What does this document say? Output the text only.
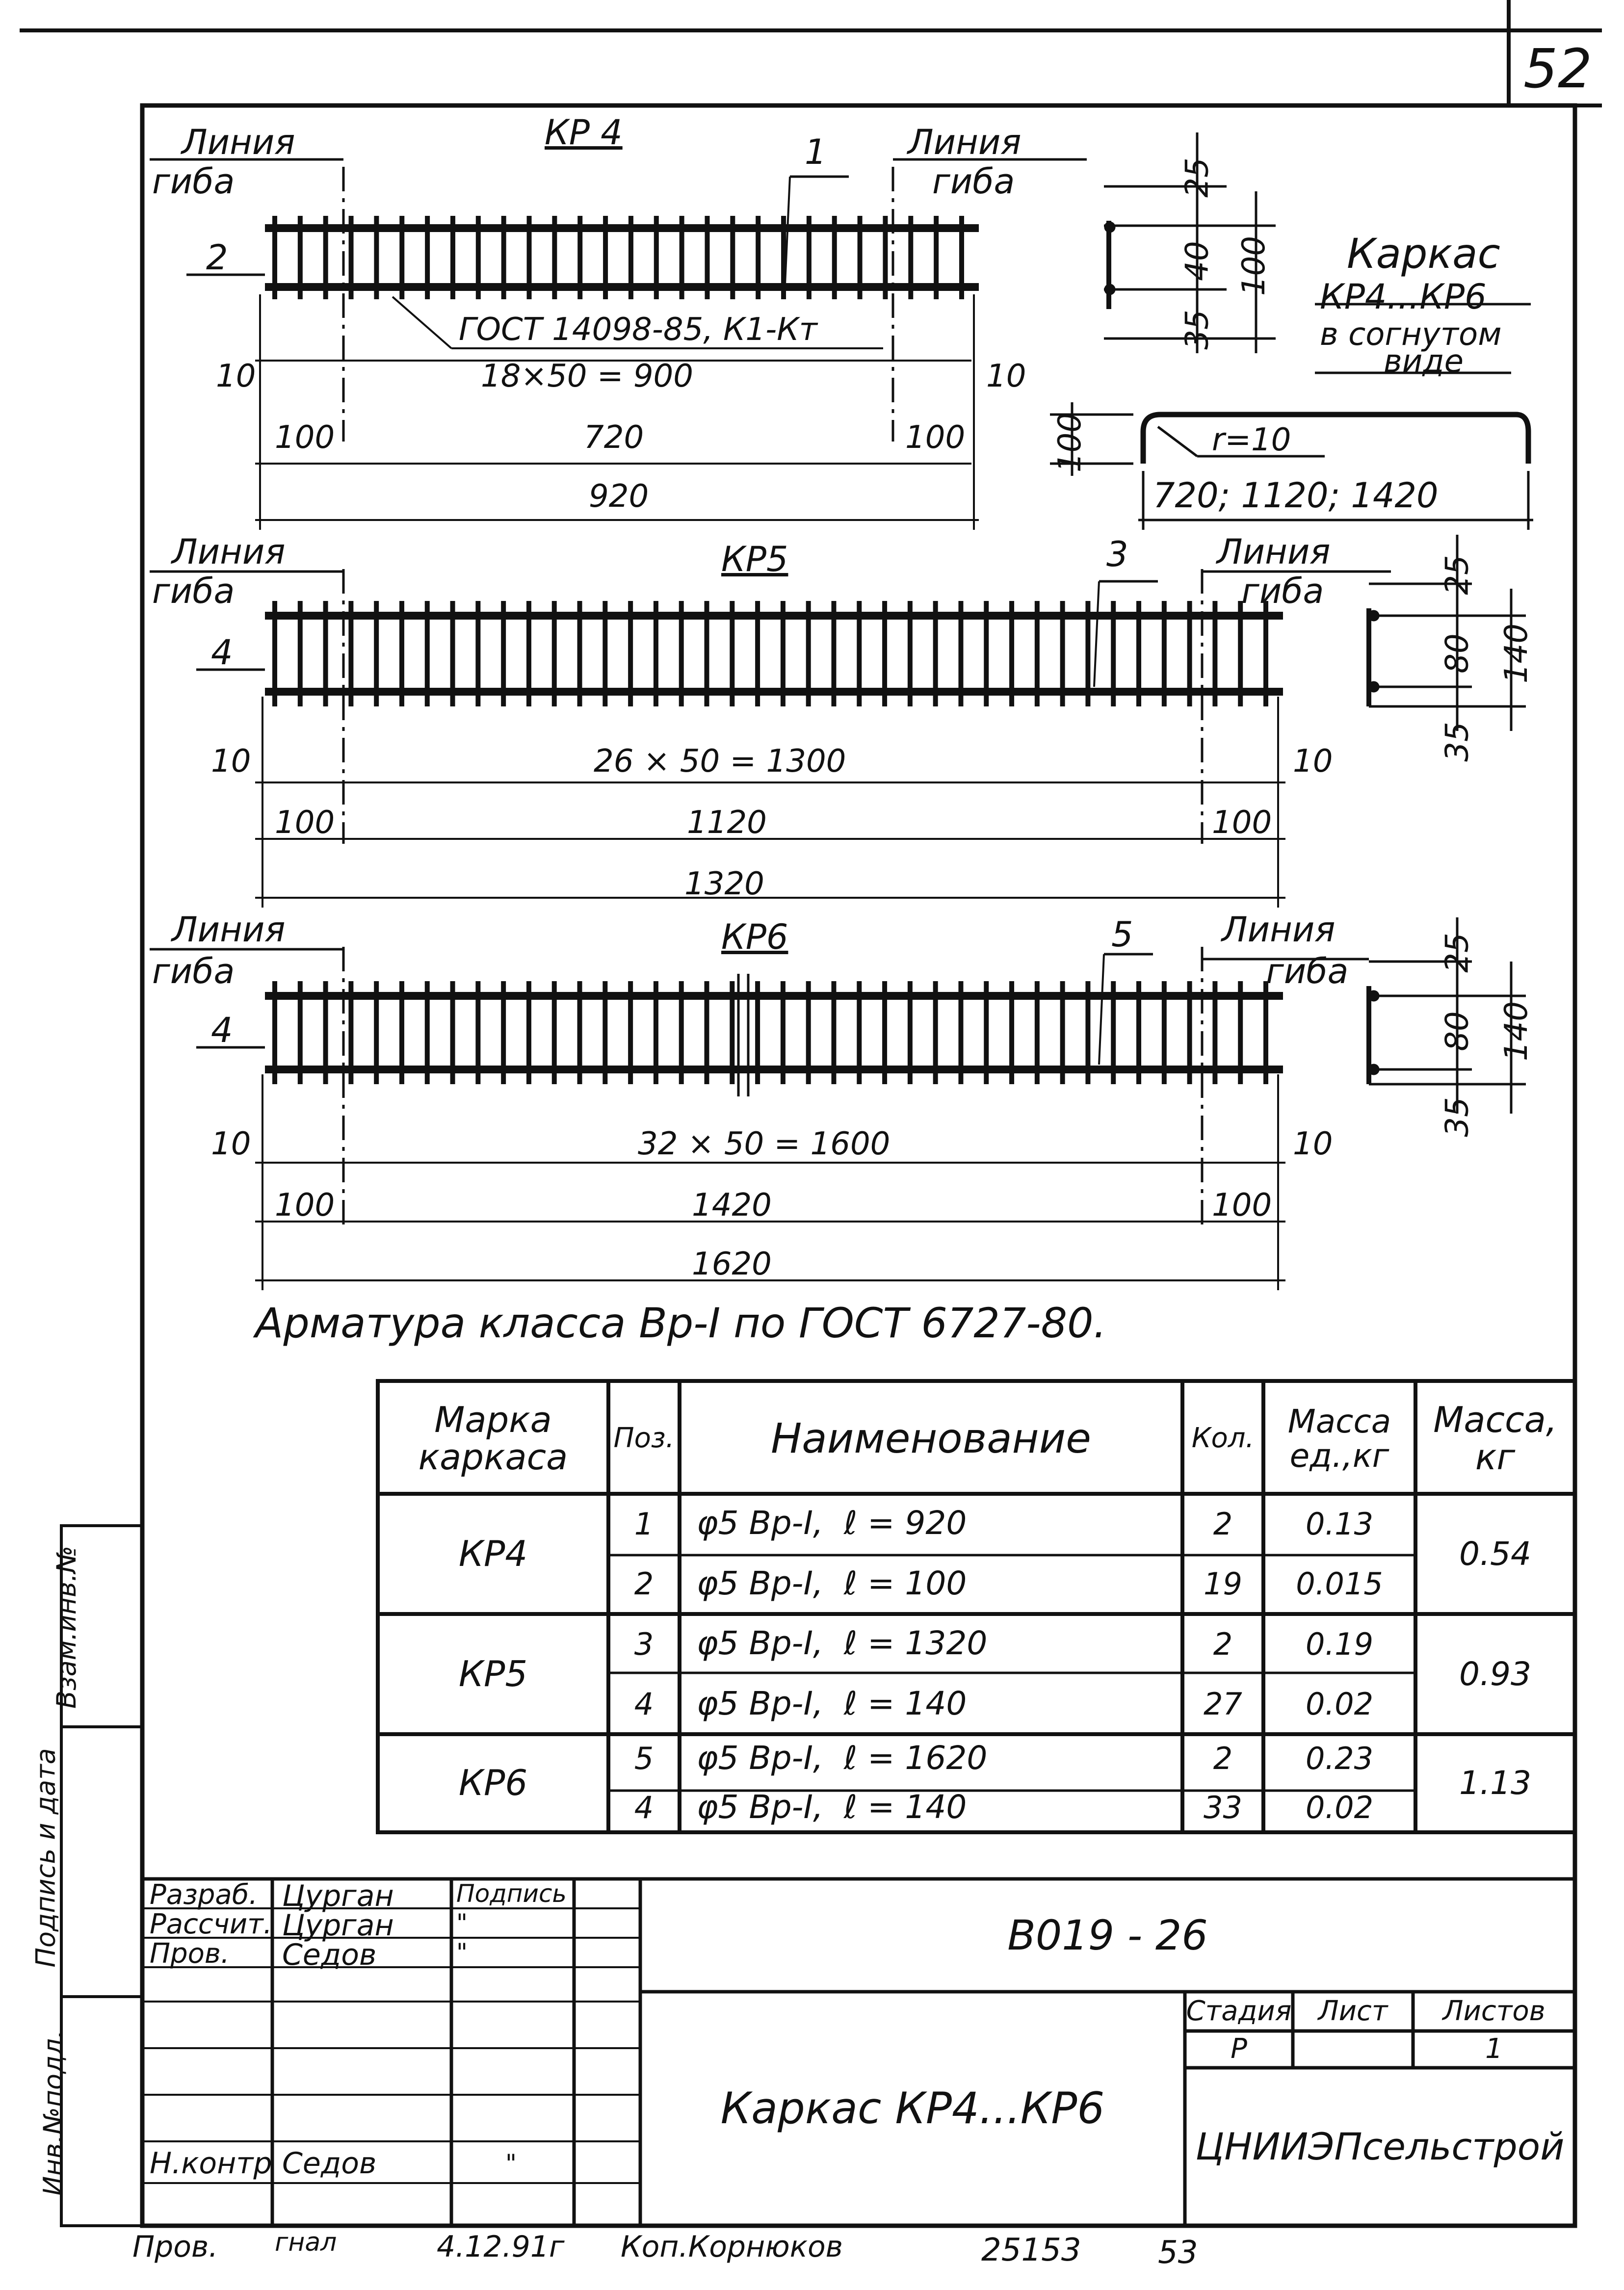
52
КР 4
Линия
гиба
Линия
гиба
1
2
ГОСТ 14098-85, К1-Кт
18×50 = 900
10	10
100	720	100
920
КР5
Линия
гиба
Линия
гиба
3
4
26 × 50 = 1300
10	10
100	1120	100
1320
КР6
Линия
гиба
Линия
гиба
5
4
32 × 50 = 1600
10	10
100	1420	100
1620
25
40
35
100
25
80
35
140
25
80
35
140
Каркас
КР4...КР6
в согнутом
виде
100	r=10
720; 1120; 1420
Арматура класса Вр-I по ГОСТ 6727-80.
Марка каркаса	Поз.	Наименование	Кол.	Масса ед.,кг
Масса, кг
КР4	0.54
1	φ5 Вр-I,  ℓ = 920	2	0.13
2	φ5 Вр-I,  ℓ = 100	19	0.015
КР5	0.93
3	φ5 Вр-I,  ℓ = 1320	2	0.19
4	φ5 Вр-I,  ℓ = 140	27	0.02
КР6	1.13
5	φ5 Вр-I,  ℓ = 1620	2	0.23
4	φ5 Вр-I,  ℓ = 140	33	0.02
Разраб. Цурган	Подпись
Рассчит. Цурган	"
Пров. Седов	"
Н.контр Седов	"
В019 - 26
Каркас КР4...КР6
Стадия Лист	Листов
Р	1
ЦНИИЭПсельстрой
Взам.инв.№
Подпись и дата
Инв.№подл.
Пров. гнал	4.12.91г Коп.Корнюков	25153 53
